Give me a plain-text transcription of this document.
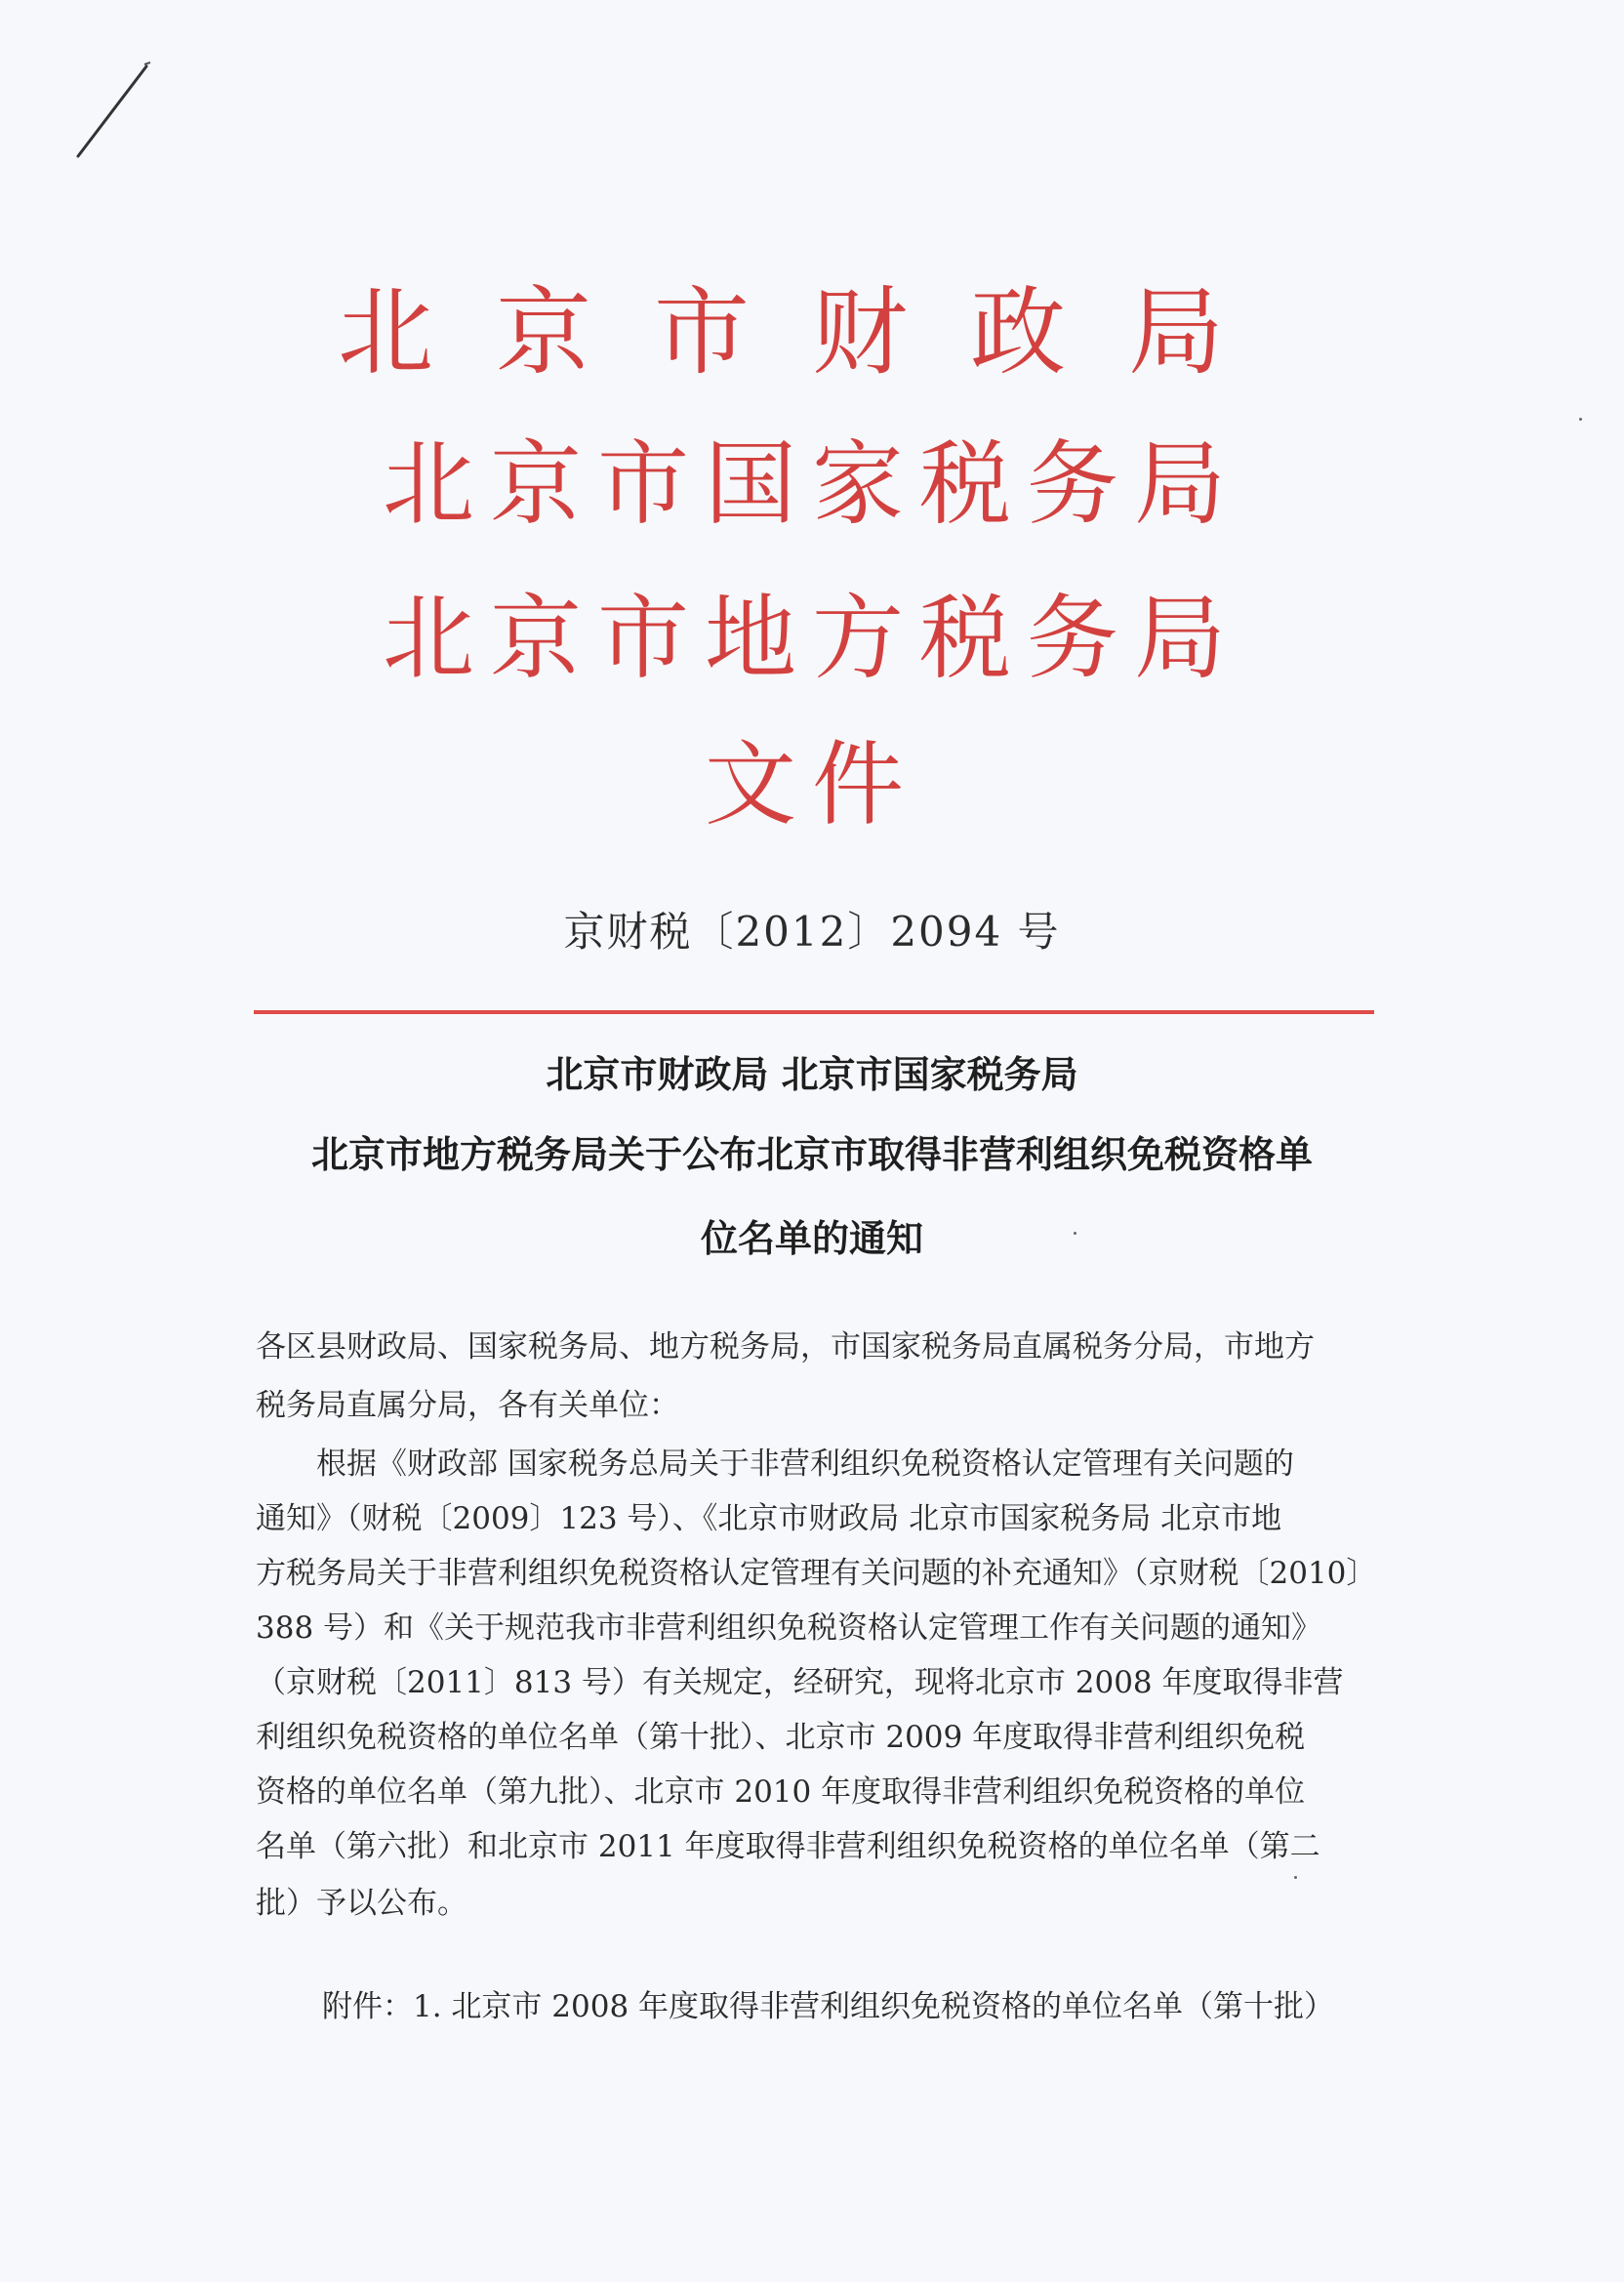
北京市财政局
北京市国家税务局
北京市地方税务局
文件
京财税〔2012〕2094 号
北京市财政局 北京市国家税务局
北京市地方税务局关于公布北京市取得非营利组织免税资格单
位名单的通知
各区县财政局、国家税务局、地方税务局，市国家税务局直属税务分局，市地方
税务局直属分局，各有关单位：
根据《财政部 国家税务总局关于非营利组织免税资格认定管理有关问题的
通知》（财税〔2009〕123 号）、《北京市财政局 北京市国家税务局 北京市地
方税务局关于非营利组织免税资格认定管理有关问题的补充通知》（京财税〔2010〕
388 号）和《关于规范我市非营利组织免税资格认定管理工作有关问题的通知》
（京财税〔2011〕813 号）有关规定，经研究，现将北京市 2008 年度取得非营
利组织免税资格的单位名单（第十批）、北京市 2009 年度取得非营利组织免税
资格的单位名单（第九批）、北京市 2010 年度取得非营利组织免税资格的单位
名单（第六批）和北京市 2011 年度取得非营利组织免税资格的单位名单（第二
批）予以公布。
附件：1. 北京市 2008 年度取得非营利组织免税资格的单位名单（第十批）
